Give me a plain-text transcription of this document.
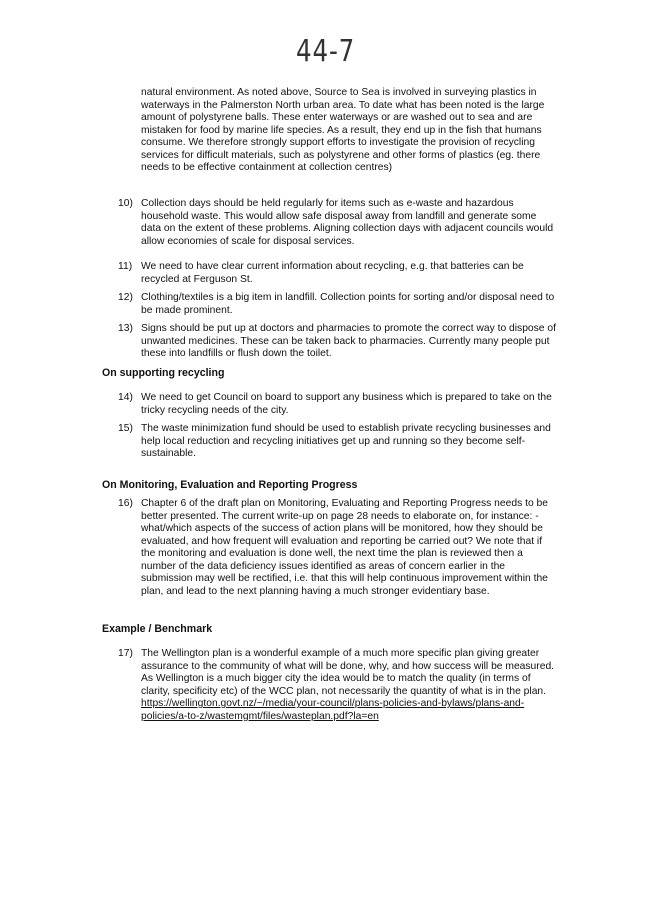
44-7
natural environment. As noted above, Source to Sea is involved in surveying plastics in waterways in the Palmerston North urban area. To date what has been noted is the large amount of polystyrene balls. These enter waterways or are washed out to sea and are mistaken for food by marine life species. As a result, they end up in the fish that humans consume. We therefore strongly support efforts to investigate the provision of recycling services for difficult materials, such as polystyrene and other forms of plastics (eg. there needs to be effective containment at collection centres)
10) Collection days should be held regularly for items such as e-waste and hazardous household waste. This would allow safe disposal away from landfill and generate some data on the extent of these problems. Aligning collection days with adjacent councils would allow economies of scale for disposal services.
11) We need to have clear current information about recycling, e.g. that batteries can be recycled at Ferguson St.
12) Clothing/textiles is a big item in landfill. Collection points for sorting and/or disposal need to be made prominent.
13) Signs should be put up at doctors and pharmacies to promote the correct way to dispose of unwanted medicines. These can be taken back to pharmacies. Currently many people put these into landfills or flush down the toilet.
On supporting recycling
14) We need to get Council on board to support any business which is prepared to take on the tricky recycling needs of the city.
15) The waste minimization fund should be used to establish private recycling businesses and help local reduction and recycling initiatives get up and running so they become self-sustainable.
On Monitoring, Evaluation and Reporting Progress
16) Chapter 6 of the draft plan on Monitoring, Evaluating and Reporting Progress needs to be better presented. The current write-up on page 28 needs to elaborate on, for instance: - what/which aspects of the success of action plans will be monitored, how they should be evaluated, and how frequent will evaluation and reporting be carried out? We note that if the monitoring and evaluation is done well, the next time the plan is reviewed then a number of the data deficiency issues identified as areas of concern earlier in the submission may well be rectified, i.e. that this will help continuous improvement within the plan, and lead to the next planning having a much stronger evidentiary base.
Example / Benchmark
17) The Wellington plan is a wonderful example of a much more specific plan giving greater assurance to the community of what will be done, why, and how success will be measured. As Wellington is a much bigger city the idea would be to match the quality (in terms of clarity, specificity etc) of the WCC plan, not necessarily the quantity of what is in the plan. https://wellington.govt.nz/~/media/your-council/plans-policies-and-bylaws/plans-and-policies/a-to-z/wastemgmt/files/wasteplan.pdf?la=en
